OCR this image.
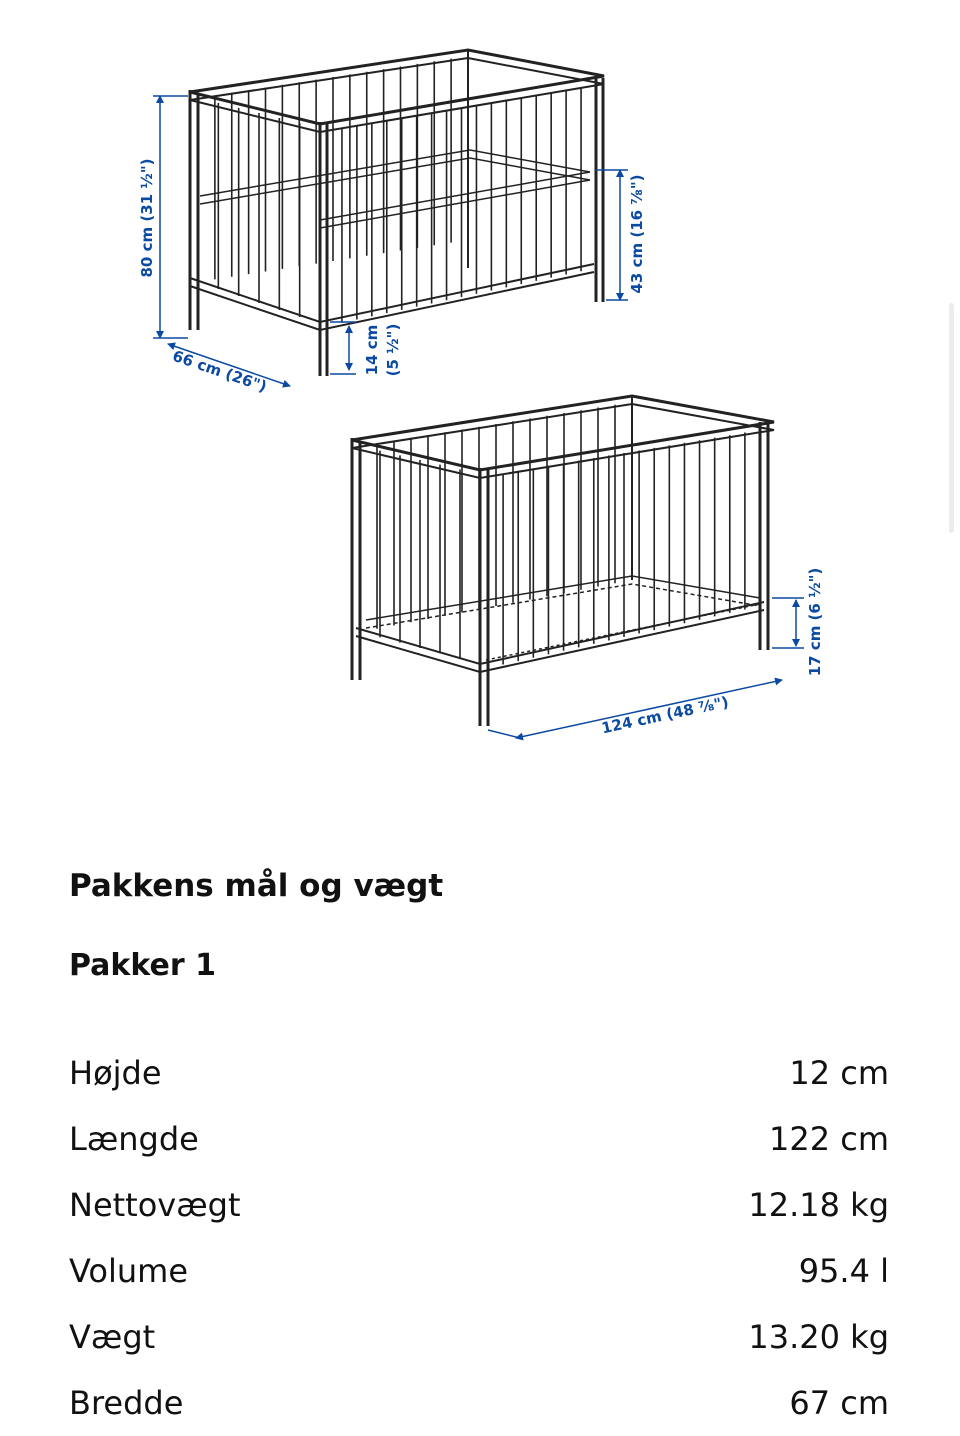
80 cm (31 ½")
66 cm (26")	14 cm (5 ½")
43 cm (16 ⅞")
17 cm (6 ½")
124 cm (48 ⅞")
Pakkens mål og vægt
Pakker 1
Højde	12 cm
Længde	122 cm
Nettovægt	12.18 kg
Volume	95.4 l
Vægt	13.20 kg
Bredde	67 cm
